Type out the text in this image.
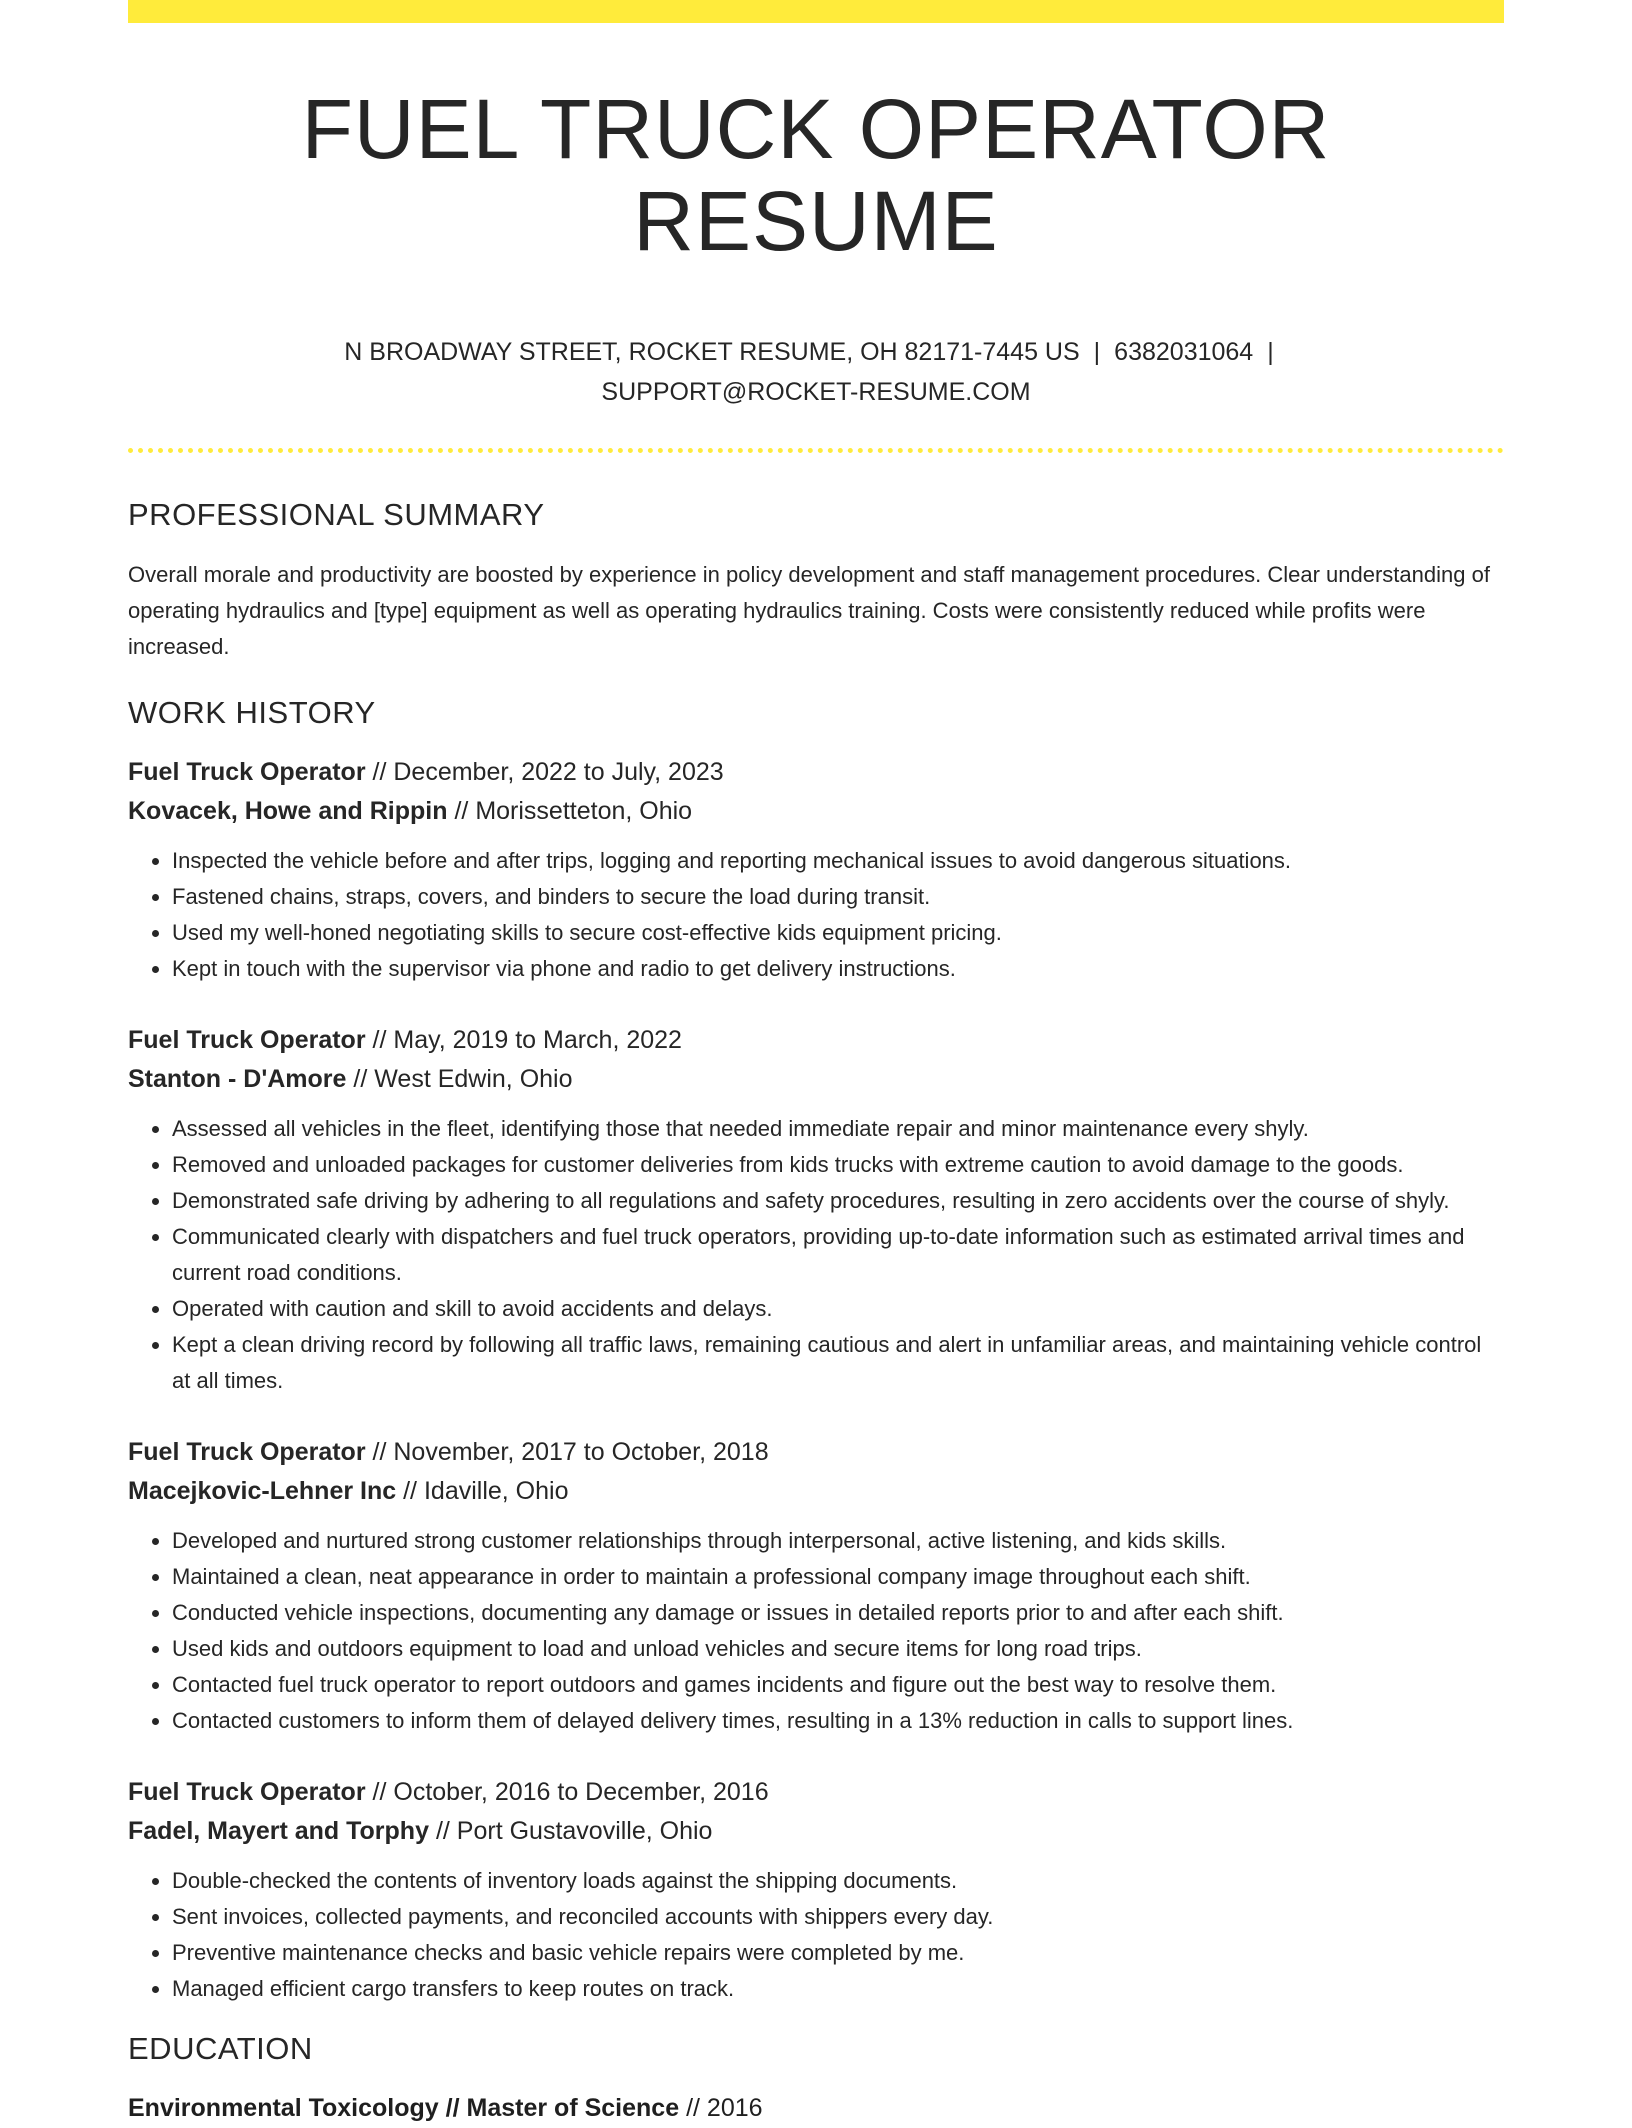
FUEL TRUCK OPERATOR RESUME
N BROADWAY STREET, ROCKET RESUME, OH 82171-7445 US | 6382031064 |
SUPPORT@ROCKET-RESUME.COM
PROFESSIONAL SUMMARY

Overall morale and productivity are boosted by experience in policy development and staff management procedures. Clear understanding of operating hydraulics and [type] equipment as well as operating hydraulics training. Costs were consistently reduced while profits were increased.

WORK HISTORY
Fuel Truck Operator // December, 2022 to July, 2023
Kovacek, Howe and Rippin // Morissetteton, Ohio
• Inspected the vehicle before and after trips, logging and reporting mechanical issues to avoid dangerous situations.
• Fastened chains, straps, covers, and binders to secure the load during transit.
• Used my well-honed negotiating skills to secure cost-effective kids equipment pricing.
• Kept in touch with the supervisor via phone and radio to get delivery instructions.
Fuel Truck Operator // May, 2019 to March, 2022
Stanton - D'Amore // West Edwin, Ohio
• Assessed all vehicles in the fleet, identifying those that needed immediate repair and minor maintenance every shyly.
• Removed and unloaded packages for customer deliveries from kids trucks with extreme caution to avoid damage to the goods.
• Demonstrated safe driving by adhering to all regulations and safety procedures, resulting in zero accidents over the course of shyly.
• Communicated clearly with dispatchers and fuel truck operators, providing up-to-date information such as estimated arrival times and current road conditions.
• Operated with caution and skill to avoid accidents and delays.
• Kept a clean driving record by following all traffic laws, remaining cautious and alert in unfamiliar areas, and maintaining vehicle control at all times.
Fuel Truck Operator // November, 2017 to October, 2018
Macejkovic-Lehner Inc // Idaville, Ohio
• Developed and nurtured strong customer relationships through interpersonal, active listening, and kids skills.
• Maintained a clean, neat appearance in order to maintain a professional company image throughout each shift.
• Conducted vehicle inspections, documenting any damage or issues in detailed reports prior to and after each shift.
• Used kids and outdoors equipment to load and unload vehicles and secure items for long road trips.
• Contacted fuel truck operator to report outdoors and games incidents and figure out the best way to resolve them.
• Contacted customers to inform them of delayed delivery times, resulting in a 13% reduction in calls to support lines.
Fuel Truck Operator // October, 2016 to December, 2016
Fadel, Mayert and Torphy // Port Gustavoville, Ohio
• Double-checked the contents of inventory loads against the shipping documents.
• Sent invoices, collected payments, and reconciled accounts with shippers every day.
• Preventive maintenance checks and basic vehicle repairs were completed by me.
• Managed efficient cargo transfers to keep routes on track.
EDUCATION
Environmental Toxicology // Master of Science // 2016
